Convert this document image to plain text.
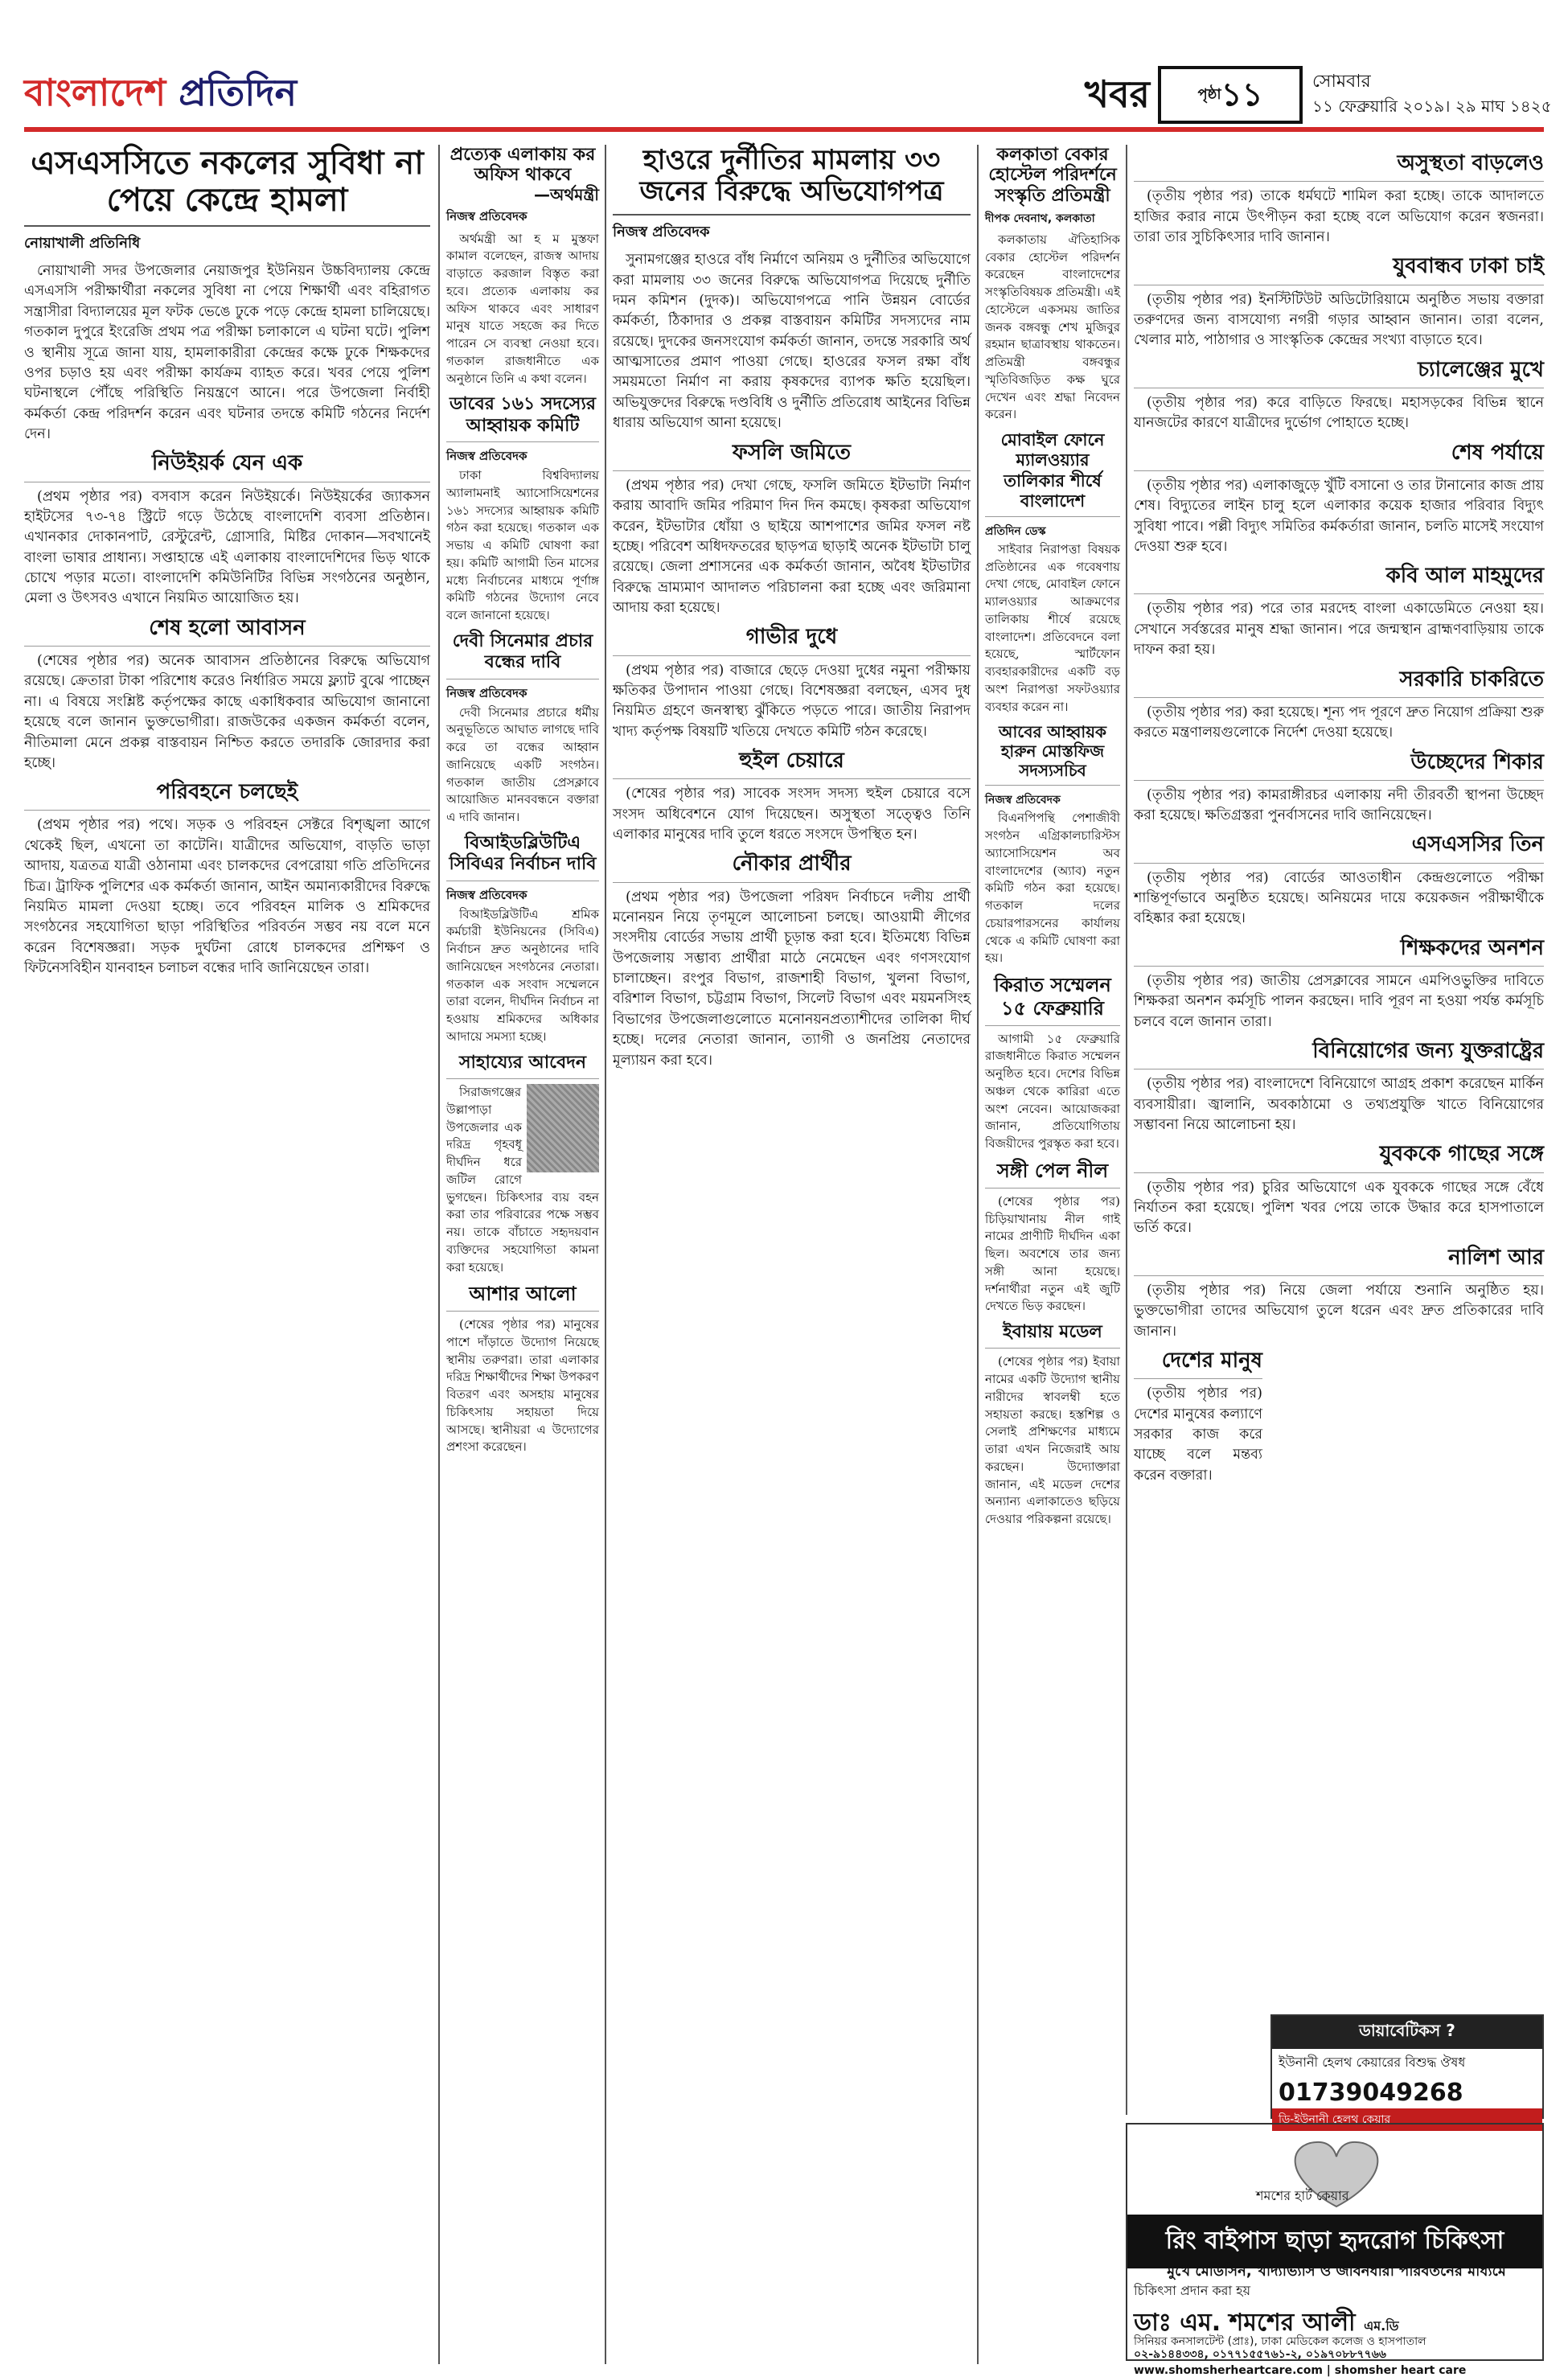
বাংলাদেশ প্রতিদিন	খবর	$^{পৃষ্ঠা}$১১	সোমবার
১১ ফেব্রুয়ারি ২০১৯। ২৯ মাঘ ১৪২৫
এসএসসিতে নকলের সুবিধা না পেয়ে কেন্দ্রে হামলা
নোয়াখালী প্রতিনিধি

নোয়াখালী সদর উপজেলার নেয়াজপুর ইউনিয়ন উচ্চবিদ্যালয় কেন্দ্রে এসএসসি পরীক্ষার্থীরা নকলের সুবিধা না পেয়ে শিক্ষার্থী এবং বহিরাগত সন্ত্রাসীরা বিদ্যালয়ের মূল ফটক ভেঙে ঢুকে পড়ে কেন্দ্রে হামলা চালিয়েছে। গতকাল দুপুরে ইংরেজি প্রথম পত্র পরীক্ষা চলাকালে এ ঘটনা ঘটে। পুলিশ ও স্থানীয় সূত্রে জানা যায়, হামলাকারীরা কেন্দ্রের কক্ষে ঢুকে শিক্ষকদের ওপর চড়াও হয় এবং পরীক্ষা কার্যক্রম ব্যাহত করে। খবর পেয়ে পুলিশ ঘটনাস্থলে পৌঁছে পরিস্থিতি নিয়ন্ত্রণে আনে। পরে উপজেলা নির্বাহী কর্মকর্তা কেন্দ্র পরিদর্শন করেন এবং ঘটনার তদন্তে কমিটি গঠনের নির্দেশ দেন।

নিউইয়র্ক যেন এক

(প্রথম পৃষ্ঠার পর) বসবাস করেন নিউইয়র্কে। নিউইয়র্কের জ্যাকসন হাইটসের ৭৩-৭৪ স্ট্রিটে গড়ে উঠেছে বাংলাদেশি ব্যবসা প্রতিষ্ঠান। এখানকার দোকানপাট, রেস্টুরেন্ট, গ্রোসারি, মিষ্টির দোকান—সবখানেই বাংলা ভাষার প্রাধান্য। সপ্তাহান্তে এই এলাকায় বাংলাদেশিদের ভিড় থাকে চোখে পড়ার মতো। বাংলাদেশি কমিউনিটির বিভিন্ন সংগঠনের অনুষ্ঠান, মেলা ও উৎসবও এখানে নিয়মিত আয়োজিত হয়।

শেষ হলো আবাসন

(শেষের পৃষ্ঠার পর) অনেক আবাসন প্রতিষ্ঠানের বিরুদ্ধে অভিযোগ রয়েছে। ক্রেতারা টাকা পরিশোধ করেও নির্ধারিত সময়ে ফ্ল্যাট বুঝে পাচ্ছেন না। এ বিষয়ে সংশ্লিষ্ট কর্তৃপক্ষের কাছে একাধিকবার অভিযোগ জানানো হয়েছে বলে জানান ভুক্তভোগীরা। রাজউকের একজন কর্মকর্তা বলেন, নীতিমালা মেনে প্রকল্প বাস্তবায়ন নিশ্চিত করতে তদারকি জোরদার করা হচ্ছে।

পরিবহনে চলছেই

(প্রথম পৃষ্ঠার পর) পথে। সড়ক ও পরিবহন সেক্টরে বিশৃঙ্খলা আগে থেকেই ছিল, এখনো তা কাটেনি। যাত্রীদের অভিযোগ, বাড়তি ভাড়া আদায়, যত্রতত্র যাত্রী ওঠানামা এবং চালকদের বেপরোয়া গতি প্রতিদিনের চিত্র। ট্রাফিক পুলিশের এক কর্মকর্তা জানান, আইন অমান্যকারীদের বিরুদ্ধে নিয়মিত মামলা দেওয়া হচ্ছে। তবে পরিবহন মালিক ও শ্রমিকদের সংগঠনের সহযোগিতা ছাড়া পরিস্থিতির পরিবর্তন সম্ভব নয় বলে মনে করেন বিশেষজ্ঞরা। সড়ক দুর্ঘটনা রোধে চালকদের প্রশিক্ষণ ও ফিটনেসবিহীন যানবাহন চলাচল বন্ধের দাবি জানিয়েছেন তারা।

প্রত্যেক এলাকায় কর অফিস থাকবে
—অর্থমন্ত্রী
নিজস্ব প্রতিবেদক

অর্থমন্ত্রী আ হ ম মুস্তফা কামাল বলেছেন, রাজস্ব আদায় বাড়াতে করজাল বিস্তৃত করা হবে। প্রত্যেক এলাকায় কর অফিস থাকবে এবং সাধারণ মানুষ যাতে সহজে কর দিতে পারেন সে ব্যবস্থা নেওয়া হবে। গতকাল রাজধানীতে এক অনুষ্ঠানে তিনি এ কথা বলেন।

ডাবের ১৬১ সদস্যের আহ্বায়ক কমিটি
নিজস্ব প্রতিবেদক

ঢাকা বিশ্ববিদ্যালয় অ্যালামনাই অ্যাসোসিয়েশনের ১৬১ সদস্যের আহ্বায়ক কমিটি গঠন করা হয়েছে। গতকাল এক সভায় এ কমিটি ঘোষণা করা হয়। কমিটি আগামী তিন মাসের মধ্যে নির্বাচনের মাধ্যমে পূর্ণাঙ্গ কমিটি গঠনের উদ্যোগ নেবে বলে জানানো হয়েছে।

দেবী সিনেমার প্রচার বন্ধের দাবি
নিজস্ব প্রতিবেদক

দেবী সিনেমার প্রচারে ধর্মীয় অনুভূতিতে আঘাত লাগছে দাবি করে তা বন্ধের আহ্বান জানিয়েছে একটি সংগঠন। গতকাল জাতীয় প্রেসক্লাবে আয়োজিত মানববন্ধনে বক্তারা এ দাবি জানান।

বিআইডব্লিউটিএ সিবিএর নির্বাচন দাবি
নিজস্ব প্রতিবেদক

বিআইডব্লিউটিএ শ্রমিক কর্মচারী ইউনিয়নের (সিবিএ) নির্বাচন দ্রুত অনুষ্ঠানের দাবি জানিয়েছেন সংগঠনের নেতারা। গতকাল এক সংবাদ সম্মেলনে তারা বলেন, দীর্ঘদিন নির্বাচন না হওয়ায় শ্রমিকদের অধিকার আদায়ে সমস্যা হচ্ছে।

সাহায্যের আবেদন

সিরাজগঞ্জের উল্লাপাড়া উপজেলার এক দরিদ্র গৃহবধূ দীর্ঘদিন ধরে জটিল রোগে ভুগছেন। চিকিৎসার ব্যয় বহন করা তার পরিবারের পক্ষে সম্ভব নয়। তাকে বাঁচাতে সহৃদয়বান ব্যক্তিদের সহযোগিতা কামনা করা হয়েছে।

আশার আলো

(শেষের পৃষ্ঠার পর) মানুষের পাশে দাঁড়াতে উদ্যোগ নিয়েছে স্থানীয় তরুণরা। তারা এলাকার দরিদ্র শিক্ষার্থীদের শিক্ষা উপকরণ বিতরণ এবং অসহায় মানুষের চিকিৎসায় সহায়তা দিয়ে আসছে। স্থানীয়রা এ উদ্যোগের প্রশংসা করেছেন।

হাওরে দুর্নীতির মামলায় ৩৩ জনের বিরুদ্ধে অভিযোগপত্র
নিজস্ব প্রতিবেদক

সুনামগঞ্জের হাওরে বাঁধ নির্মাণে অনিয়ম ও দুর্নীতির অভিযোগে করা মামলায় ৩৩ জনের বিরুদ্ধে অভিযোগপত্র দিয়েছে দুর্নীতি দমন কমিশন (দুদক)। অভিযোগপত্রে পানি উন্নয়ন বোর্ডের কর্মকর্তা, ঠিকাদার ও প্রকল্প বাস্তবায়ন কমিটির সদস্যদের নাম রয়েছে। দুদকের জনসংযোগ কর্মকর্তা জানান, তদন্তে সরকারি অর্থ আত্মসাতের প্রমাণ পাওয়া গেছে। হাওরের ফসল রক্ষা বাঁধ সময়মতো নির্মাণ না করায় কৃষকদের ব্যাপক ক্ষতি হয়েছিল। অভিযুক্তদের বিরুদ্ধে দণ্ডবিধি ও দুর্নীতি প্রতিরোধ আইনের বিভিন্ন ধারায় অভিযোগ আনা হয়েছে।

ফসলি জমিতে

(প্রথম পৃষ্ঠার পর) দেখা গেছে, ফসলি জমিতে ইটভাটা নির্মাণ করায় আবাদি জমির পরিমাণ দিন দিন কমছে। কৃষকরা অভিযোগ করেন, ইটভাটার ধোঁয়া ও ছাইয়ে আশপাশের জমির ফসল নষ্ট হচ্ছে। পরিবেশ অধিদফতরের ছাড়পত্র ছাড়াই অনেক ইটভাটা চালু রয়েছে। জেলা প্রশাসনের এক কর্মকর্তা জানান, অবৈধ ইটভাটার বিরুদ্ধে ভ্রাম্যমাণ আদালত পরিচালনা করা হচ্ছে এবং জরিমানা আদায় করা হয়েছে।

গাভীর দুধে

(প্রথম পৃষ্ঠার পর) বাজারে ছেড়ে দেওয়া দুধের নমুনা পরীক্ষায় ক্ষতিকর উপাদান পাওয়া গেছে। বিশেষজ্ঞরা বলছেন, এসব দুধ নিয়মিত গ্রহণে জনস্বাস্থ্য ঝুঁকিতে পড়তে পারে। জাতীয় নিরাপদ খাদ্য কর্তৃপক্ষ বিষয়টি খতিয়ে দেখতে কমিটি গঠন করেছে।

হুইল চেয়ারে

(শেষের পৃষ্ঠার পর) সাবেক সংসদ সদস্য হুইল চেয়ারে বসে সংসদ অধিবেশনে যোগ দিয়েছেন। অসুস্থতা সত্ত্বেও তিনি এলাকার মানুষের দাবি তুলে ধরতে সংসদে উপস্থিত হন।

নৌকার প্রার্থীর

(প্রথম পৃষ্ঠার পর) উপজেলা পরিষদ নির্বাচনে দলীয় প্রার্থী মনোনয়ন নিয়ে তৃণমূলে আলোচনা চলছে। আওয়ামী লীগের সংসদীয় বোর্ডের সভায় প্রার্থী চূড়ান্ত করা হবে। ইতিমধ্যে বিভিন্ন উপজেলায় সম্ভাব্য প্রার্থীরা মাঠে নেমেছেন এবং গণসংযোগ চালাচ্ছেন। রংপুর বিভাগ, রাজশাহী বিভাগ, খুলনা বিভাগ, বরিশাল বিভাগ, চট্টগ্রাম বিভাগ, সিলেট বিভাগ এবং ময়মনসিংহ বিভাগের উপজেলাগুলোতে মনোনয়নপ্রত্যাশীদের তালিকা দীর্ঘ হচ্ছে। দলের নেতারা জানান, ত্যাগী ও জনপ্রিয় নেতাদের মূল্যায়ন করা হবে।

কলকাতা বেকার হোস্টেল পরিদর্শনে সংস্কৃতি প্রতিমন্ত্রী
দীপক দেবনাথ, কলকাতা

কলকাতায় ঐতিহাসিক বেকার হোস্টেল পরিদর্শন করেছেন বাংলাদেশের সংস্কৃতিবিষয়ক প্রতিমন্ত্রী। এই হোস্টেলে একসময় জাতির জনক বঙ্গবন্ধু শেখ মুজিবুর রহমান ছাত্রাবস্থায় থাকতেন। প্রতিমন্ত্রী বঙ্গবন্ধুর স্মৃতিবিজড়িত কক্ষ ঘুরে দেখেন এবং শ্রদ্ধা নিবেদন করেন।

মোবাইল ফোনে ম্যালওয়্যার তালিকার শীর্ষে বাংলাদেশ
প্রতিদিন ডেস্ক

সাইবার নিরাপত্তা বিষয়ক প্রতিষ্ঠানের এক গবেষণায় দেখা গেছে, মোবাইল ফোনে ম্যালওয়্যার আক্রমণের তালিকায় শীর্ষে রয়েছে বাংলাদেশ। প্রতিবেদনে বলা হয়েছে, স্মার্টফোন ব্যবহারকারীদের একটি বড় অংশ নিরাপত্তা সফটওয়্যার ব্যবহার করেন না।

আবের আহ্বায়ক হারুন মোস্তফিজ সদস্যসচিব
নিজস্ব প্রতিবেদক

বিএনপিপন্থি পেশাজীবী সংগঠন এগ্রিকালচারিস্টস অ্যাসোসিয়েশন অব বাংলাদেশের (অ্যাব) নতুন কমিটি গঠন করা হয়েছে। গতকাল দলের চেয়ারপারসনের কার্যালয় থেকে এ কমিটি ঘোষণা করা হয়।

কিরাত সম্মেলন ১৫ ফেব্রুয়ারি

আগামী ১৫ ফেব্রুয়ারি রাজধানীতে কিরাত সম্মেলন অনুষ্ঠিত হবে। দেশের বিভিন্ন অঞ্চল থেকে কারিরা এতে অংশ নেবেন। আয়োজকরা জানান, প্রতিযোগিতায় বিজয়ীদের পুরস্কৃত করা হবে।

সঙ্গী পেল নীল

(শেষের পৃষ্ঠার পর) চিড়িয়াখানায় নীল গাই নামের প্রাণীটি দীর্ঘদিন একা ছিল। অবশেষে তার জন্য সঙ্গী আনা হয়েছে। দর্শনার্থীরা নতুন এই জুটি দেখতে ভিড় করছেন।

ইবায়ায় মডেল

(শেষের পৃষ্ঠার পর) ইবায়া নামের একটি উদ্যোগ স্থানীয় নারীদের স্বাবলম্বী হতে সহায়তা করছে। হস্তশিল্প ও সেলাই প্রশিক্ষণের মাধ্যমে তারা এখন নিজেরাই আয় করছেন। উদ্যোক্তারা জানান, এই মডেল দেশের অন্যান্য এলাকাতেও ছড়িয়ে দেওয়ার পরিকল্পনা রয়েছে।

অসুস্থতা বাড়লেও

(তৃতীয় পৃষ্ঠার পর) তাকে ধর্মঘটে শামিল করা হচ্ছে। তাকে আদালতে হাজির করার নামে উৎপীড়ন করা হচ্ছে বলে অভিযোগ করেন স্বজনরা। তারা তার সুচিকিৎসার দাবি জানান।

যুববান্ধব ঢাকা চাই

(তৃতীয় পৃষ্ঠার পর) ইনস্টিটিউট অডিটোরিয়ামে অনুষ্ঠিত সভায় বক্তারা তরুণদের জন্য বাসযোগ্য নগরী গড়ার আহ্বান জানান। তারা বলেন, খেলার মাঠ, পাঠাগার ও সাংস্কৃতিক কেন্দ্রের সংখ্যা বাড়াতে হবে।

চ্যালেঞ্জের মুখে

(তৃতীয় পৃষ্ঠার পর) করে বাড়িতে ফিরছে। মহাসড়কের বিভিন্ন স্থানে যানজটের কারণে যাত্রীদের দুর্ভোগ পোহাতে হচ্ছে।

শেষ পর্যায়ে

(তৃতীয় পৃষ্ঠার পর) এলাকাজুড়ে খুঁটি বসানো ও তার টানানোর কাজ প্রায় শেষ। বিদ্যুতের লাইন চালু হলে এলাকার কয়েক হাজার পরিবার বিদ্যুৎ সুবিধা পাবে। পল্লী বিদ্যুৎ সমিতির কর্মকর্তারা জানান, চলতি মাসেই সংযোগ দেওয়া শুরু হবে।

কবি আল মাহমুদের

(তৃতীয় পৃষ্ঠার পর) পরে তার মরদেহ বাংলা একাডেমিতে নেওয়া হয়। সেখানে সর্বস্তরের মানুষ শ্রদ্ধা জানান। পরে জন্মস্থান ব্রাহ্মণবাড়িয়ায় তাকে দাফন করা হয়।

সরকারি চাকরিতে

(তৃতীয় পৃষ্ঠার পর) করা হয়েছে। শূন্য পদ পূরণে দ্রুত নিয়োগ প্রক্রিয়া শুরু করতে মন্ত্রণালয়গুলোকে নির্দেশ দেওয়া হয়েছে।

উচ্ছেদের শিকার

(তৃতীয় পৃষ্ঠার পর) কামরাঙ্গীরচর এলাকায় নদী তীরবর্তী স্থাপনা উচ্ছেদ করা হয়েছে। ক্ষতিগ্রস্তরা পুনর্বাসনের দাবি জানিয়েছেন।

এসএসসির তিন

(তৃতীয় পৃষ্ঠার পর) বোর্ডের আওতাধীন কেন্দ্রগুলোতে পরীক্ষা শান্তিপূর্ণভাবে অনুষ্ঠিত হয়েছে। অনিয়মের দায়ে কয়েকজন পরীক্ষার্থীকে বহিষ্কার করা হয়েছে।

শিক্ষকদের অনশন

(তৃতীয় পৃষ্ঠার পর) জাতীয় প্রেসক্লাবের সামনে এমপিওভুক্তির দাবিতে শিক্ষকরা অনশন কর্মসূচি পালন করছেন। দাবি পূরণ না হওয়া পর্যন্ত কর্মসূচি চলবে বলে জানান তারা।

বিনিয়োগের জন্য যুক্তরাষ্ট্রের

(তৃতীয় পৃষ্ঠার পর) বাংলাদেশে বিনিয়োগে আগ্রহ প্রকাশ করেছেন মার্কিন ব্যবসায়ীরা। জ্বালানি, অবকাঠামো ও তথ্যপ্রযুক্তি খাতে বিনিয়োগের সম্ভাবনা নিয়ে আলোচনা হয়।

যুবককে গাছের সঙ্গে

(তৃতীয় পৃষ্ঠার পর) চুরির অভিযোগে এক যুবককে গাছের সঙ্গে বেঁধে নির্যাতন করা হয়েছে। পুলিশ খবর পেয়ে তাকে উদ্ধার করে হাসপাতালে ভর্তি করে।

নালিশ আর

(তৃতীয় পৃষ্ঠার পর) নিয়ে জেলা পর্যায়ে শুনানি অনুষ্ঠিত হয়। ভুক্তভোগীরা তাদের অভিযোগ তুলে ধরেন এবং দ্রুত প্রতিকারের দাবি জানান।

দেশের মানুষ

(তৃতীয় পৃষ্ঠার পর) দেশের মানুষের কল্যাণে সরকার কাজ করে যাচ্ছে বলে মন্তব্য করেন বক্তারা।

ডায়াবেটিকস ?
ইউনানী হেলথ কেয়ারের বিশুদ্ধ ঔষধ
01739049268
ডি-ইউনানী হেলথ কেয়ার
শমশের হার্ট কেয়ার
রিং বাইপাস ছাড়া হৃদরোগ চিকিৎসা
মুখে মেডিসিন, খাদ্যাভ্যাস ও জীবনধারা পরিবর্তনের মাধ্যমে
চিকিৎসা প্রদান করা হয়
ডাঃ এম. শমশের আলী এম.ডি
সিনিয়র কনসালটেন্ট (প্রাঃ), ঢাকা মেডিকেল কলেজ ও হাসপাতাল
০২-৯১৪৪৩৩৪, ০১৭৭১৫৫৭৬১-২, ০১৯৭০৮৮৭৭৬৬   www.shomsherheartcare.com | shomsher heart care
